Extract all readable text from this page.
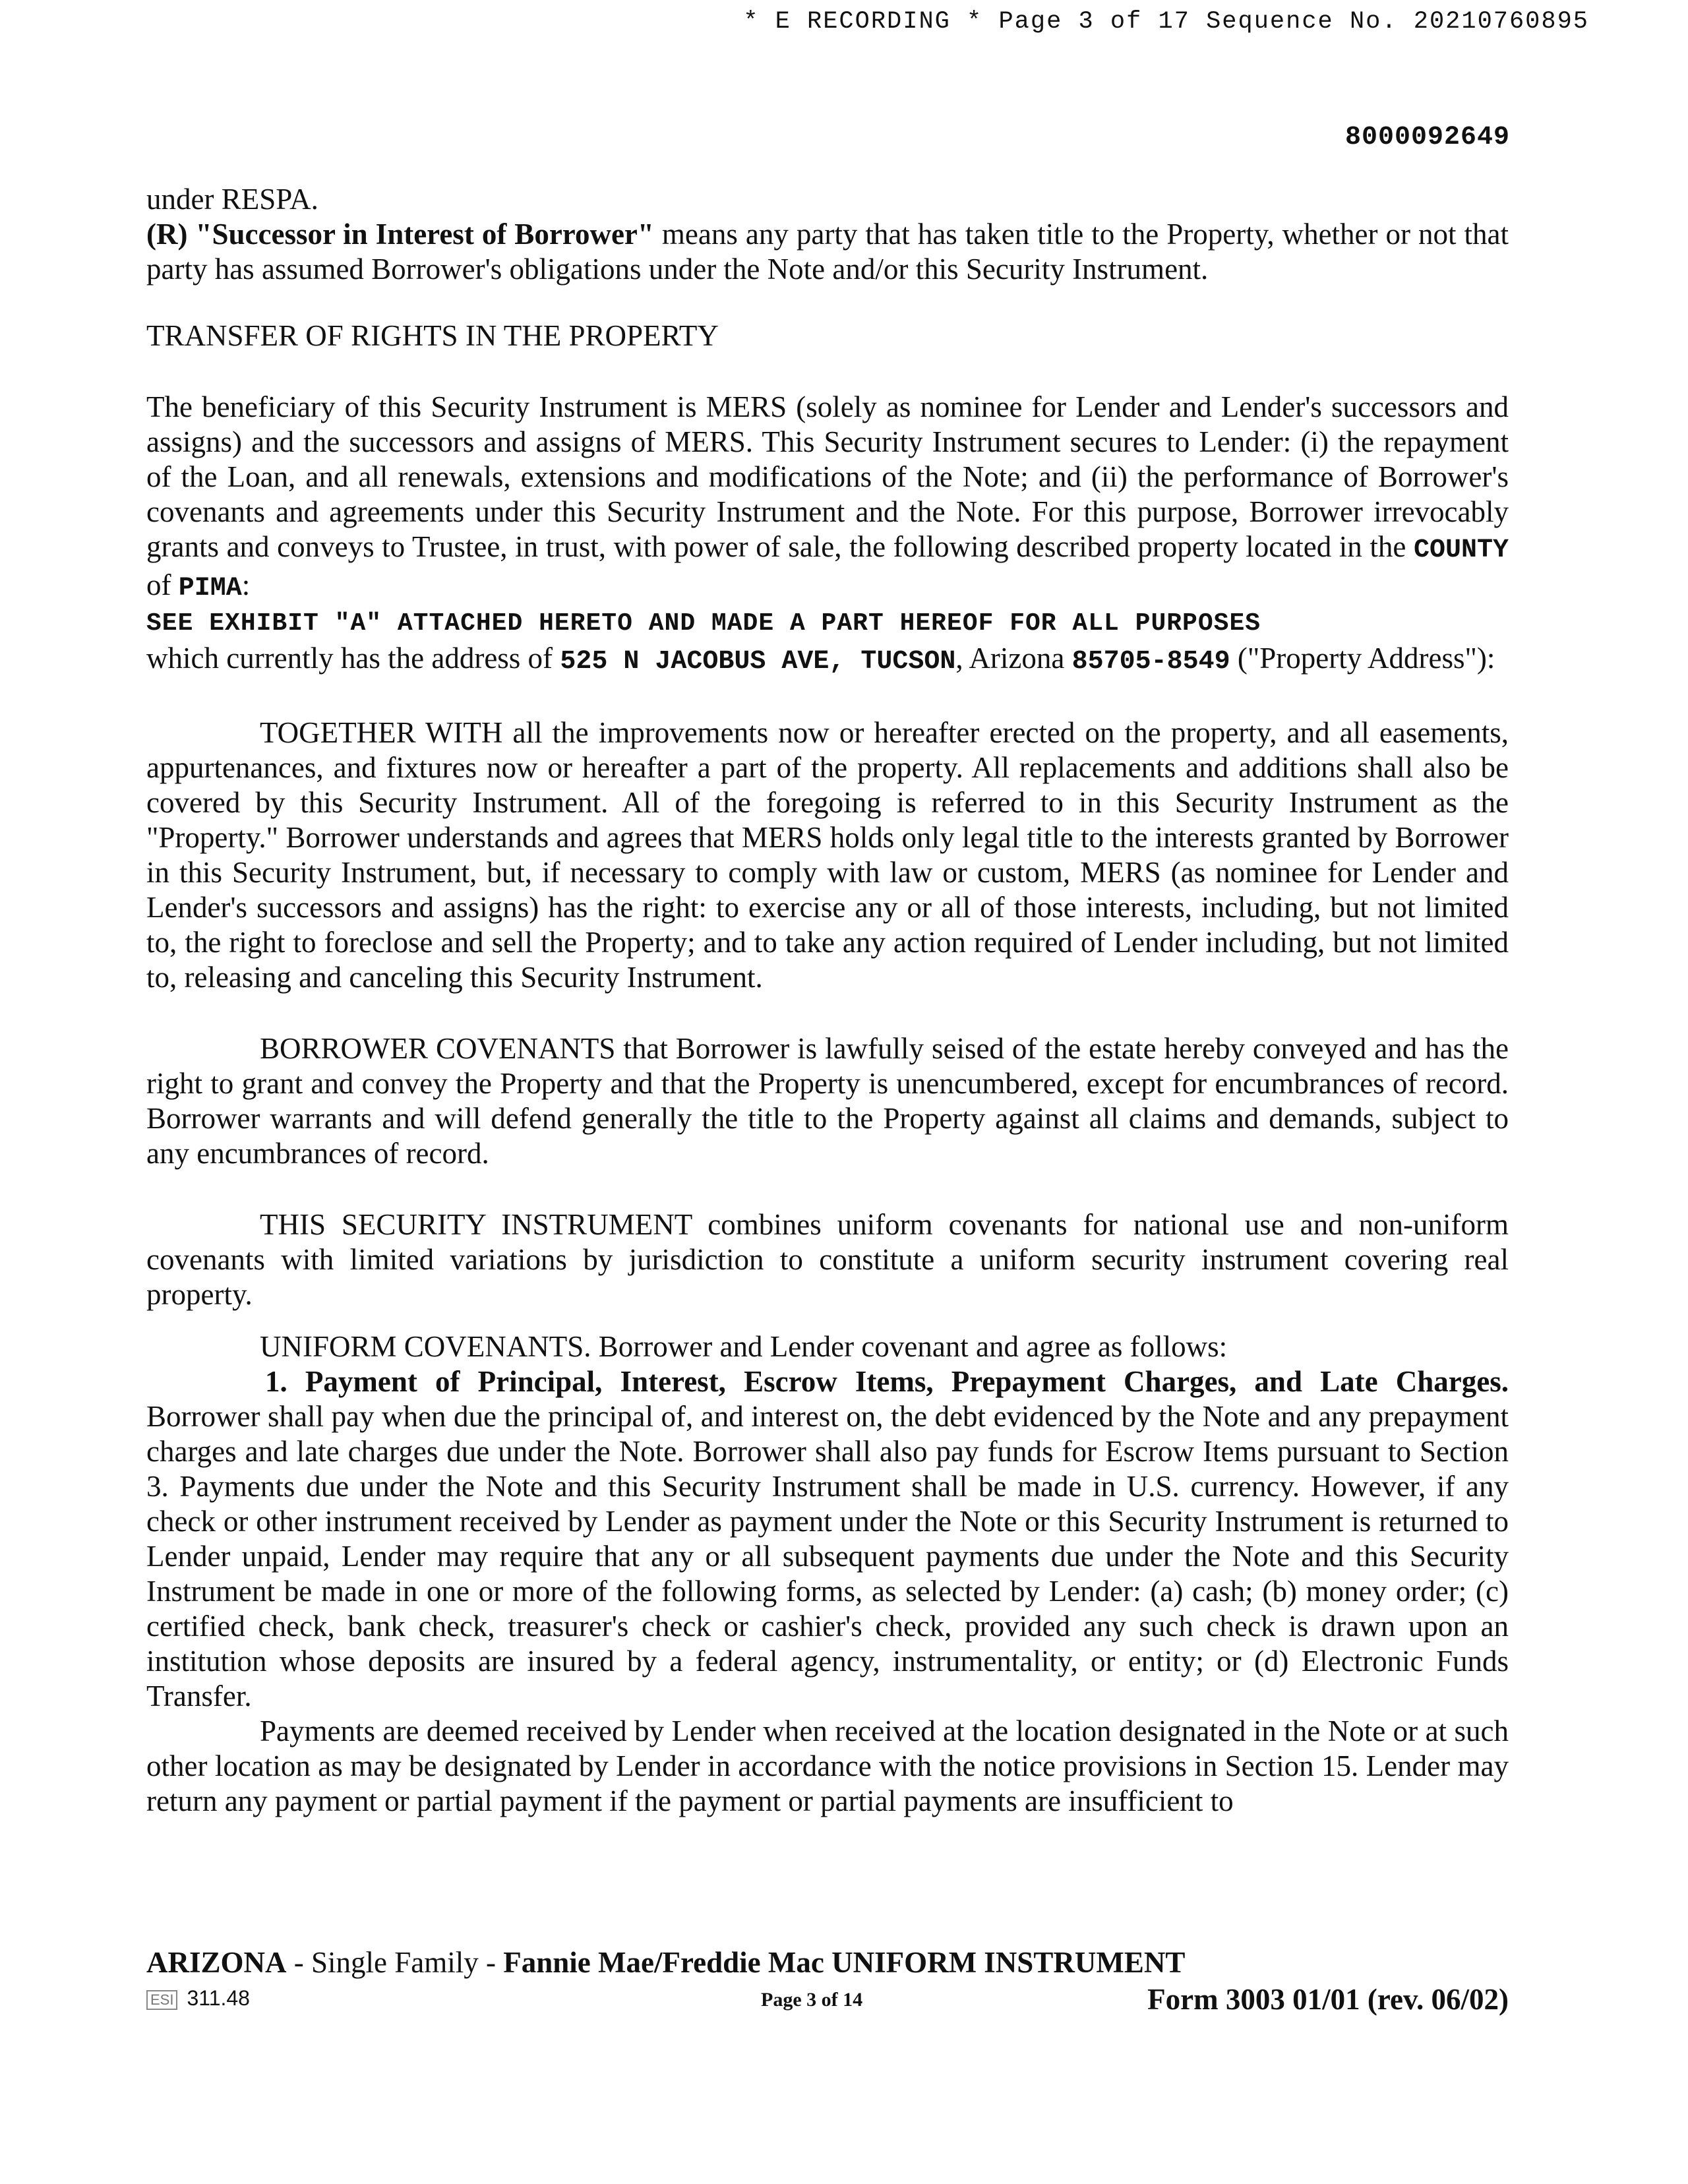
* E RECORDING * Page 3 of 17 Sequence No. 20210760895
8000092649

under RESPA.

(R) "Successor in Interest of Borrower" means any party that has taken title to the Property, whether or not that party has assumed Borrower's obligations under the Note and/or this Security Instrument.

TRANSFER OF RIGHTS IN THE PROPERTY

The beneficiary of this Security Instrument is MERS (solely as nominee for Lender and Lender's successors and assigns) and the successors and assigns of MERS. This Security Instrument secures to Lender: (i) the repayment of the Loan, and all renewals, extensions and modifications of the Note; and (ii) the performance of Borrower's covenants and agreements under this Security Instrument and the Note. For this purpose, Borrower irrevocably grants and conveys to Trustee, in trust, with power of sale, the following described property located in the COUNTY of PIMA:

SEE EXHIBIT "A" ATTACHED HERETO AND MADE A PART HEREOF FOR ALL PURPOSES

which currently has the address of 525 N JACOBUS AVE, TUCSON, Arizona 85705-8549 ("Property Address"):

TOGETHER WITH all the improvements now or hereafter erected on the property, and all easements, appurtenances, and fixtures now or hereafter a part of the property. All replacements and additions shall also be covered by this Security Instrument. All of the foregoing is referred to in this Security Instrument as the "Property." Borrower understands and agrees that MERS holds only legal title to the interests granted by Borrower in this Security Instrument, but, if necessary to comply with law or custom, MERS (as nominee for Lender and Lender's successors and assigns) has the right: to exercise any or all of those interests, including, but not limited to, the right to foreclose and sell the Property; and to take any action required of Lender including, but not limited to, releasing and canceling this Security Instrument.

BORROWER COVENANTS that Borrower is lawfully seised of the estate hereby conveyed and has the right to grant and convey the Property and that the Property is unencumbered, except for encumbrances of record. Borrower warrants and will defend generally the title to the Property against all claims and demands, subject to any encumbrances of record.

THIS SECURITY INSTRUMENT combines uniform covenants for national use and non-uniform covenants with limited variations by jurisdiction to constitute a uniform security instrument covering real property.

UNIFORM COVENANTS. Borrower and Lender covenant and agree as follows:

1. Payment of Principal, Interest, Escrow Items, Prepayment Charges, and Late Charges. Borrower shall pay when due the principal of, and interest on, the debt evidenced by the Note and any prepayment charges and late charges due under the Note. Borrower shall also pay funds for Escrow Items pursuant to Section 3. Payments due under the Note and this Security Instrument shall be made in U.S. currency. However, if any check or other instrument received by Lender as payment under the Note or this Security Instrument is returned to Lender unpaid, Lender may require that any or all subsequent payments due under the Note and this Security Instrument be made in one or more of the following forms, as selected by Lender: (a) cash; (b) money order; (c) certified check, bank check, treasurer's check or cashier's check, provided any such check is drawn upon an institution whose deposits are insured by a federal agency, instrumentality, or entity; or (d) Electronic Funds Transfer.

Payments are deemed received by Lender when received at the location designated in the Note or at such other location as may be designated by Lender in accordance with the notice provisions in Section 15. Lender may return any payment or partial payment if the payment or partial payments are insufficient to

ARIZONA - Single Family - Fannie Mae/Freddie Mac UNIFORM INSTRUMENT
ESI 311.48	Page 3 of 14	Form 3003 01/01 (rev. 06/02)
